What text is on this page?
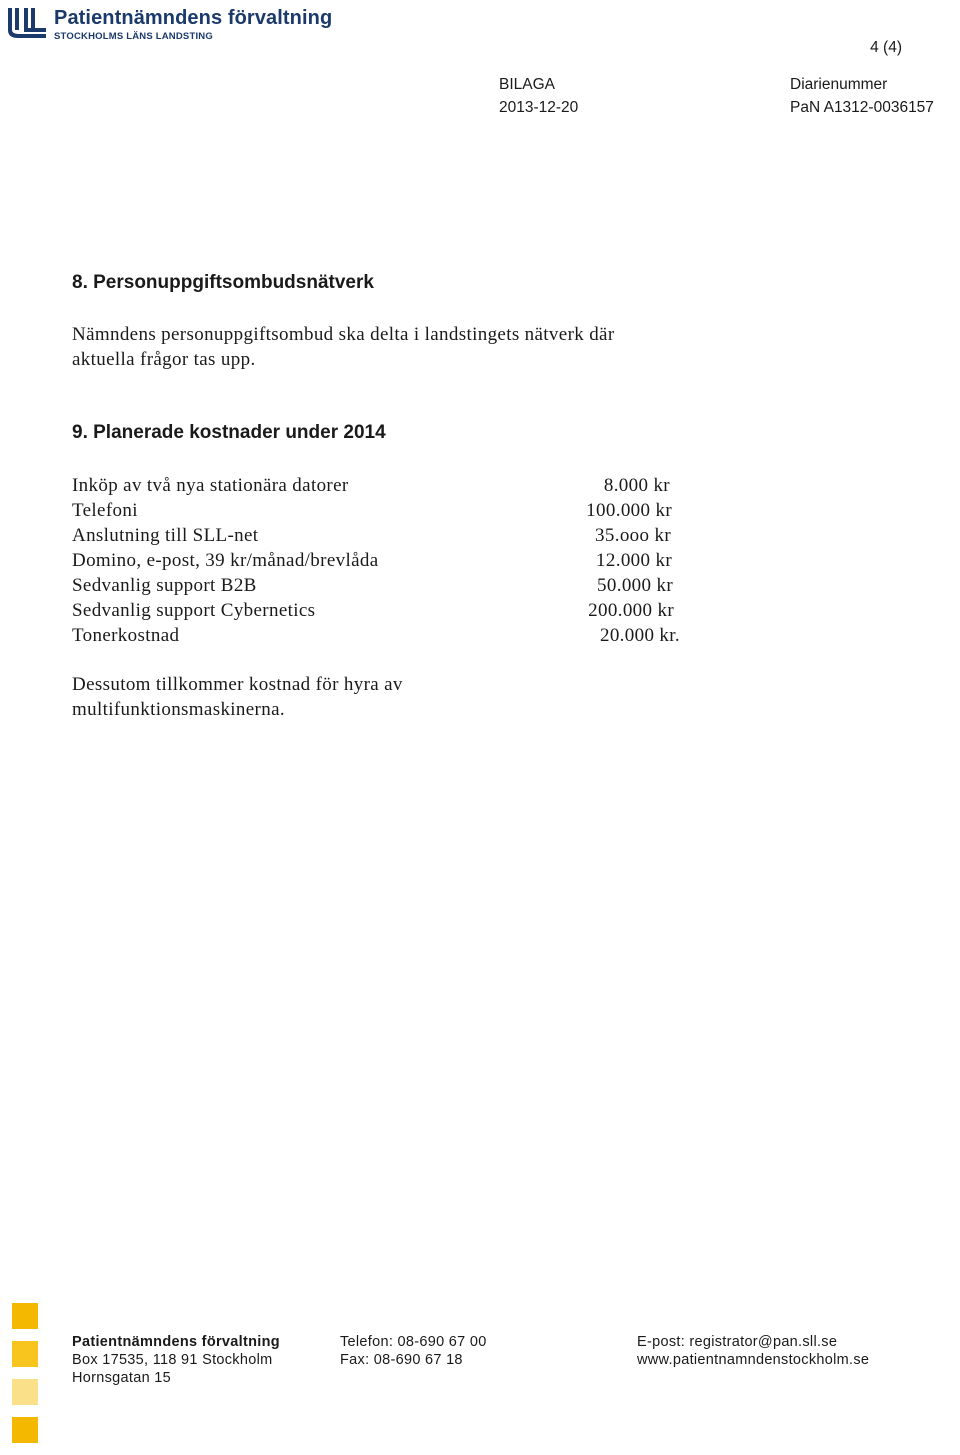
Patientnämndens förvaltning
STOCKHOLMS LÄNS LANDSTING
4 (4)
BILAGA
2013-12-20
Diarienummer
PaN A1312-0036157
8. Personuppgiftsombudsnätverk
Nämndens personuppgiftsombud ska delta i landstingets nätverk där
aktuella frågor tas upp.
9. Planerade kostnader under 2014
Inköp av två nya stationära datorer	8.000 kr
Telefoni	100.000 kr
Anslutning till SLL-net	35.ooo kr
Domino, e-post, 39 kr/månad/brevlåda	12.000 kr
Sedvanlig support B2B	50.000 kr
Sedvanlig support Cybernetics	200.000 kr
Tonerkostnad	20.000 kr.
Dessutom tillkommer kostnad för hyra av
multifunktionsmaskinerna.
Patientnämndens förvaltning
Box 17535, 118 91 Stockholm
Hornsgatan 15
Telefon: 08-690 67 00
Fax: 08-690 67 18
E-post: registrator@pan.sll.se
www.patientnamndenstockholm.se
